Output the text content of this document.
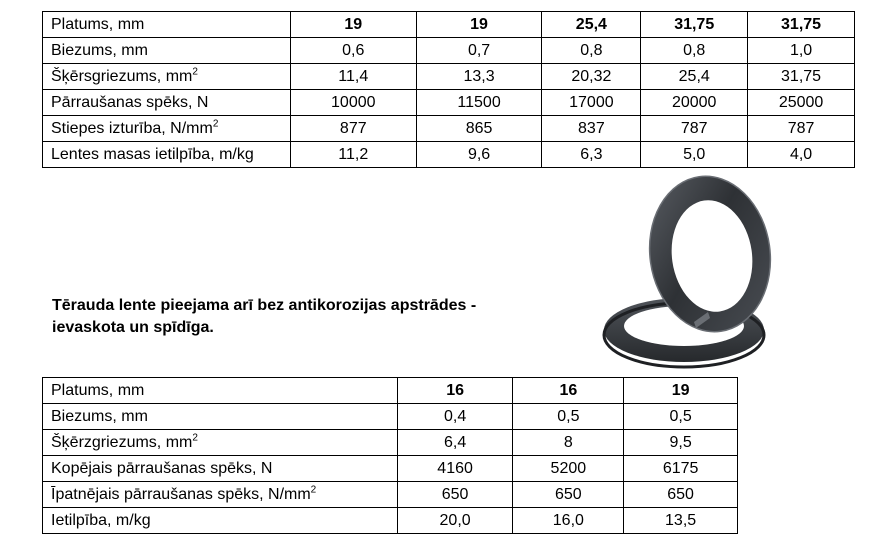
Platums, mm	19	19	25,4	31,75	31,75
Biezums, mm	0,6	0,7	0,8	0,8	1,0
Šķērsgriezums, $mm^2$	11,4	13,3	20,32	25,4	31,75
Pārraušanas spēks, N	10000	11500	17000	20000	25000
Stiepes izturība, $N/mm^2$	877	865	837	787	787
Lentes masas ietilpība, m/kg	11,2	9,6	6,3	5,0	4,0
Tērauda lente pieejama arī bez antikorozijas apstrādes -
ievaskota un spīdīga.
Platums, mm	16	16	19
Biezums, mm	0,4	0,5	0,5
Šķērzgriezums, $mm^2$	6,4	8	9,5
Kopējais pārraušanas spēks, N	4160	5200	6175
Īpatnējais pārraušanas spēks, $N/mm^2$	650	650	650
Ietilpība, m/kg	20,0	16,0	13,5
